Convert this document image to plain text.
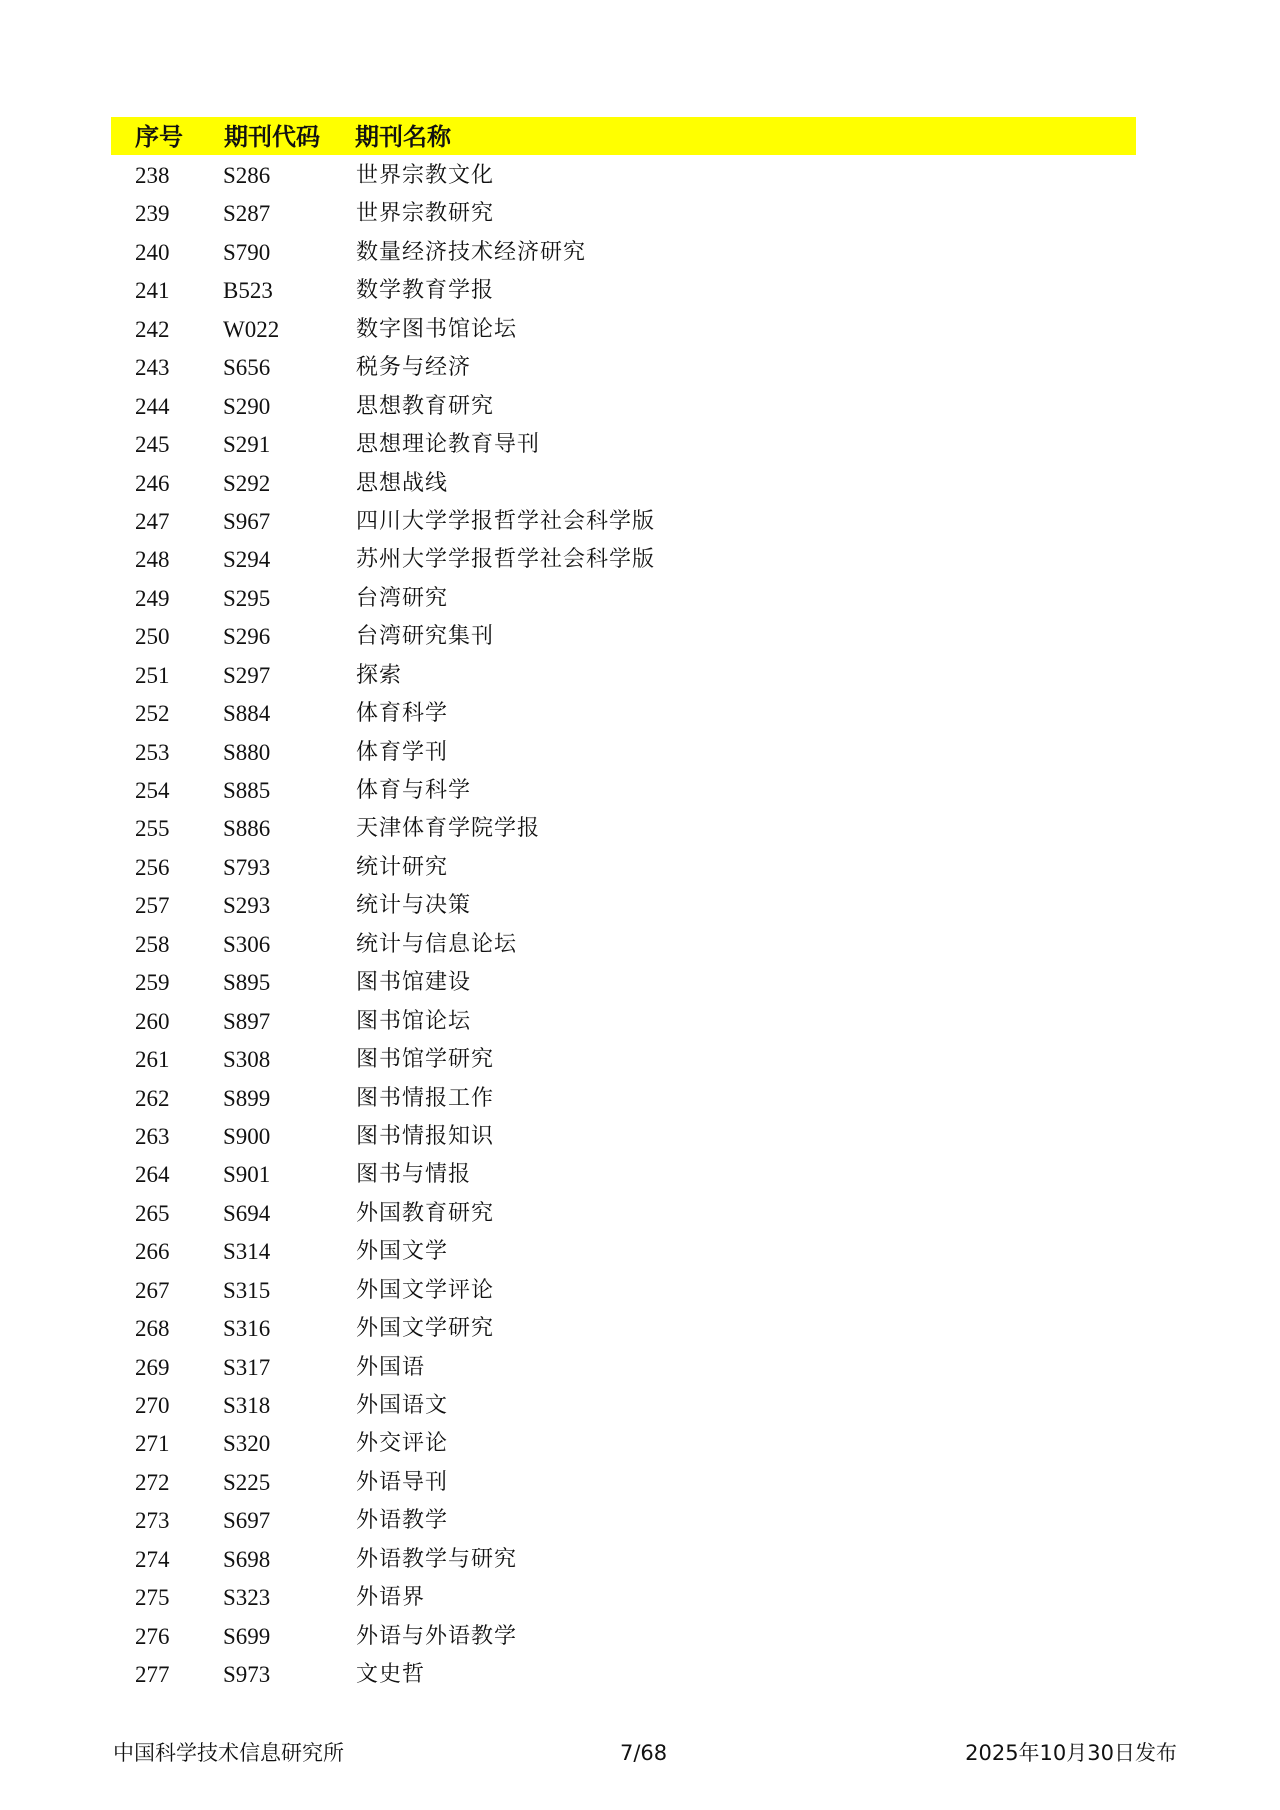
序号 期刊代码 期刊名称
238 S286	世界宗教文化
239 S287	世界宗教研究
240 S790	数量经济技术经济研究
241 B523	数学教育学报
242 W022	数字图书馆论坛
243 S656	税务与经济
244 S290	思想教育研究
245 S291	思想理论教育导刊
246 S292	思想战线
247 S967	四川大学学报哲学社会科学版
248 S294	苏州大学学报哲学社会科学版
249 S295	台湾研究
250 S296	台湾研究集刊
251 S297	探索
252 S884	体育科学
253 S880	体育学刊
254 S885	体育与科学
255 S886	天津体育学院学报
256 S793	统计研究
257 S293	统计与决策
258 S306	统计与信息论坛
259 S895	图书馆建设
260 S897	图书馆论坛
261 S308	图书馆学研究
262 S899	图书情报工作
263 S900	图书情报知识
264 S901	图书与情报
265 S694	外国教育研究
266 S314	外国文学
267 S315	外国文学评论
268 S316	外国文学研究
269 S317	外国语
270 S318	外国语文
271 S320	外交评论
272 S225	外语导刊
273 S697	外语教学
274 S698	外语教学与研究
275 S323	外语界
276 S699	外语与外语教学
277 S973	文史哲
中国科学技术信息研究所	7/68	2025年10月30日发布
